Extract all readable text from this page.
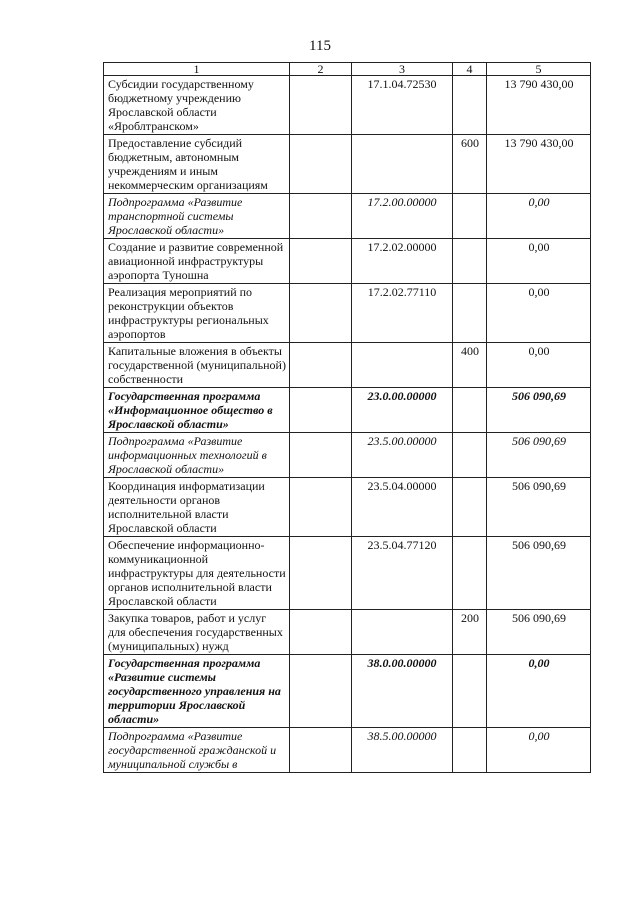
115
1	2	3	4	5
Субсидии государственному бюджетному учреждению Ярославской области «Яроблтранском»		17.1.04.72530		13 790 430,00
Предоставление субсидий бюджетным, автономным учреждениям и иным некоммерческим организациям			600	13 790 430,00
Подпрограмма «Развитие транспортной системы Ярославской области»		17.2.00.00000		0,00
Создание и развитие современной авиационной инфраструктуры аэропорта Туношна		17.2.02.00000		0,00
Реализация мероприятий по реконструкции объектов инфраструктуры региональных аэропортов		17.2.02.77110		0,00
Капитальные вложения в объекты государственной (муниципальной) собственности			400	0,00
Государственная программа «Информационное общество в Ярославской области»		23.0.00.00000		506 090,69
Подпрограмма «Развитие информационных технологий в Ярославской области»		23.5.00.00000		506 090,69
Координация информатизации деятельности органов исполнительной власти Ярославской области		23.5.04.00000		506 090,69
Обеспечение информационно-коммуникационной инфраструктуры для деятельности органов исполнительной власти Ярославской области		23.5.04.77120		506 090,69
Закупка товаров, работ и услуг для обеспечения государственных (муниципальных) нужд			200	506 090,69
Государственная программа «Развитие системы государственного управления на территории Ярославской области»		38.0.00.00000		0,00
Подпрограмма «Развитие государственной гражданской и муниципальной службы в		38.5.00.00000		0,00
